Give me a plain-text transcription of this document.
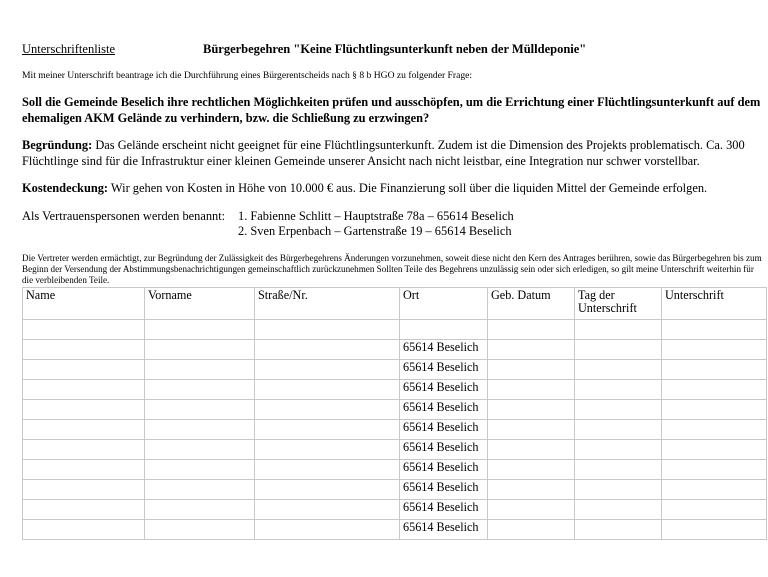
Unterschriftenliste	Bürgerbegehren "Keine Flüchtlingsunterkunft neben der Mülldeponie"
Mit meiner Unterschrift beantrage ich die Durchführung eines Bürgerentscheids nach § 8 b HGO zu folgender Frage:
Soll die Gemeinde Beselich ihre rechtlichen Möglichkeiten prüfen und ausschöpfen, um die Errichtung einer Flüchtlingsunterkunft auf dem ehemaligen AKM Gelände zu verhindern, bzw. die Schließung zu erzwingen?
Begründung: Das Gelände erscheint nicht geeignet für eine Flüchtlingsunterkunft. Zudem ist die Dimension des Projekts problematisch. Ca. 300 Flüchtlinge sind für die Infrastruktur einer kleinen Gemeinde unserer Ansicht nach nicht leistbar, eine Integration nur schwer vorstellbar.
Kostendeckung: Wir gehen von Kosten in Höhe von 10.000 € aus. Die Finanzierung soll über die liquiden Mittel der Gemeinde erfolgen.
Als Vertrauenspersonen werden benannt: 1. Fabienne Schlitt – Hauptstraße 78a – 65614 Beselich
2. Sven Erpenbach – Gartenstraße 19 – 65614 Beselich
Die Vertreter werden ermächtigt, zur Begründung der Zulässigkeit des Bürgerbegehrens Änderungen vorzunehmen, soweit diese nicht den Kern des Antrages berühren, sowie das Bürgerbegehren bis zum Beginn der Versendung der Abstimmungsbenachrichtigungen gemeinschaftlich zurückzunehmen Sollten Teile des Begehrens unzulässig sein oder sich erledigen, so gilt meine Unterschrift weiterhin für die verbleibenden Teile.
Name	Vorname	Straße/Nr.	Ort	Geb. Datum	Tag der Unterschrift	Unterschrift

			65614 Beselich			
			65614 Beselich			
			65614 Beselich			
			65614 Beselich			
			65614 Beselich			
			65614 Beselich			
			65614 Beselich			
			65614 Beselich			
			65614 Beselich			
			65614 Beselich			
